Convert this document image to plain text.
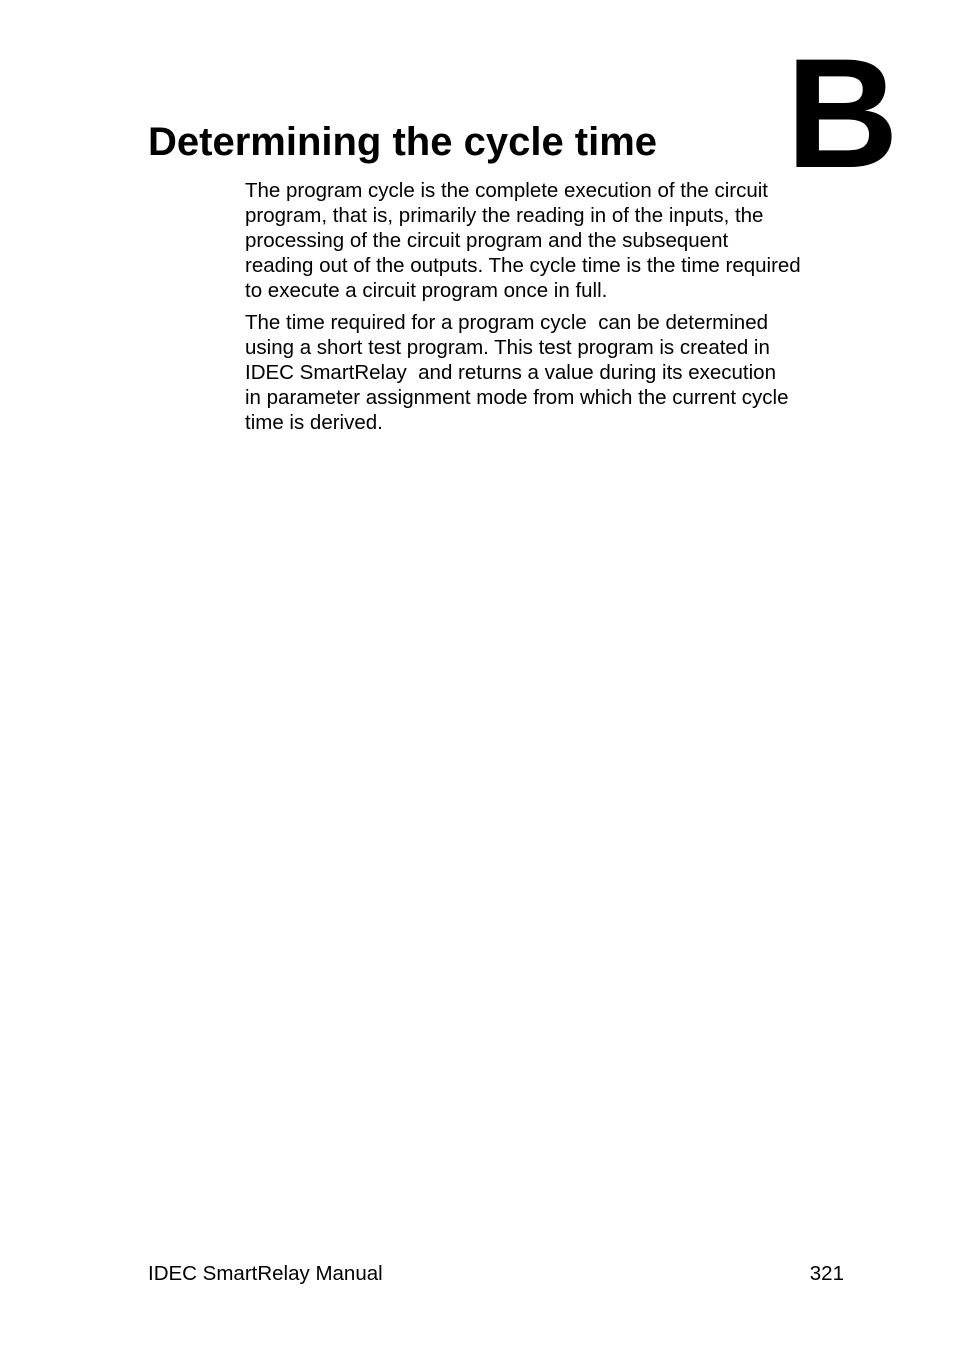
B
Determining the cycle time

The program cycle is the complete execution of the circuit
program, that is, primarily the reading in of the inputs, the
processing of the circuit program and the subsequent
reading out of the outputs. The cycle time is the time required
to execute a circuit program once in full.

The time required for a program cycle  can be determined
using a short test program. This test program is created in
IDEC SmartRelay  and returns a value during its execution
in parameter assignment mode from which the current cycle
time is derived.

IDEC SmartRelay Manual	321
